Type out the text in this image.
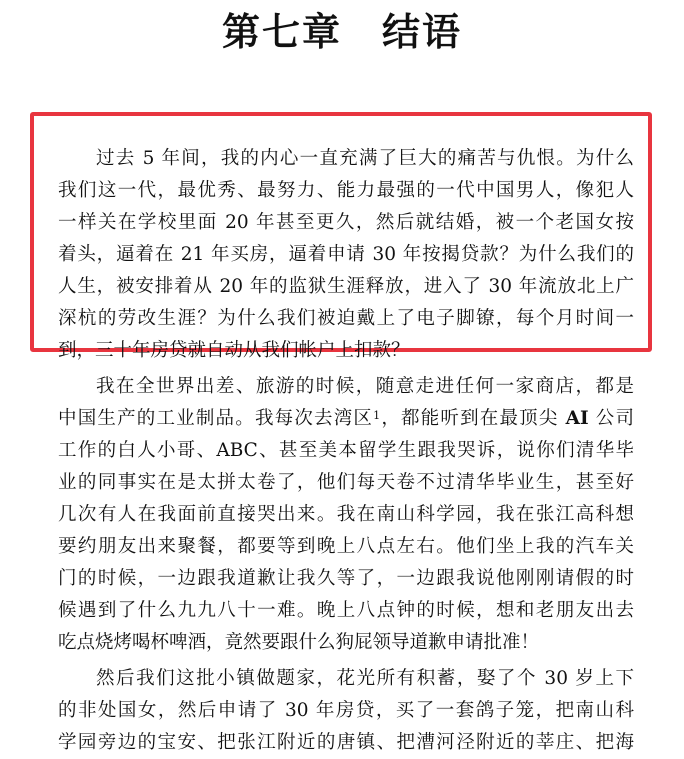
第七章　结语
过去 5 年间，我的内心一直充满了巨大的痛苦与仇恨。为什么
我们这一代，最优秀、最努力、能力最强的一代中国男人，像犯人
一样关在学校里面 20 年甚至更久，然后就结婚，被一个老国女按
着头，逼着在 21 年买房，逼着申请 30 年按揭贷款？为什么我们的
人生，被安排着从 20 年的监狱生涯释放，进入了 30 年流放北上广
深杭的劳改生涯？为什么我们被迫戴上了电子脚镣，每个月时间一
到，三十年房贷就自动从我们帐户上扣款？
我在全世界出差、旅游的时候，随意走进任何一家商店，都是
中国生产的工业制品。我每次去湾区$^1$，都能听到在最顶尖 AI 公司
工作的白人小哥、ABC、甚至美本留学生跟我哭诉，说你们清华毕
业的同事实在是太拼太卷了，他们每天卷不过清华毕业生，甚至好
几次有人在我面前直接哭出来。我在南山科学园，我在张江高科想
要约朋友出来聚餐，都要等到晚上八点左右。他们坐上我的汽车关
门的时候，一边跟我道歉让我久等了，一边跟我说他刚刚请假的时
候遇到了什么九九八十一难。晚上八点钟的时候，想和老朋友出去
吃点烧烤喝杯啤酒，竟然要跟什么狗屁领导道歉申请批准！
然后我们这批小镇做题家，花光所有积蓄，娶了个 30 岁上下
的非处国女，然后申请了 30 年房贷，买了一套鸽子笼，把南山科
学园旁边的宝安、把张江附近的唐镇、把漕河泾附近的莘庄、把海
